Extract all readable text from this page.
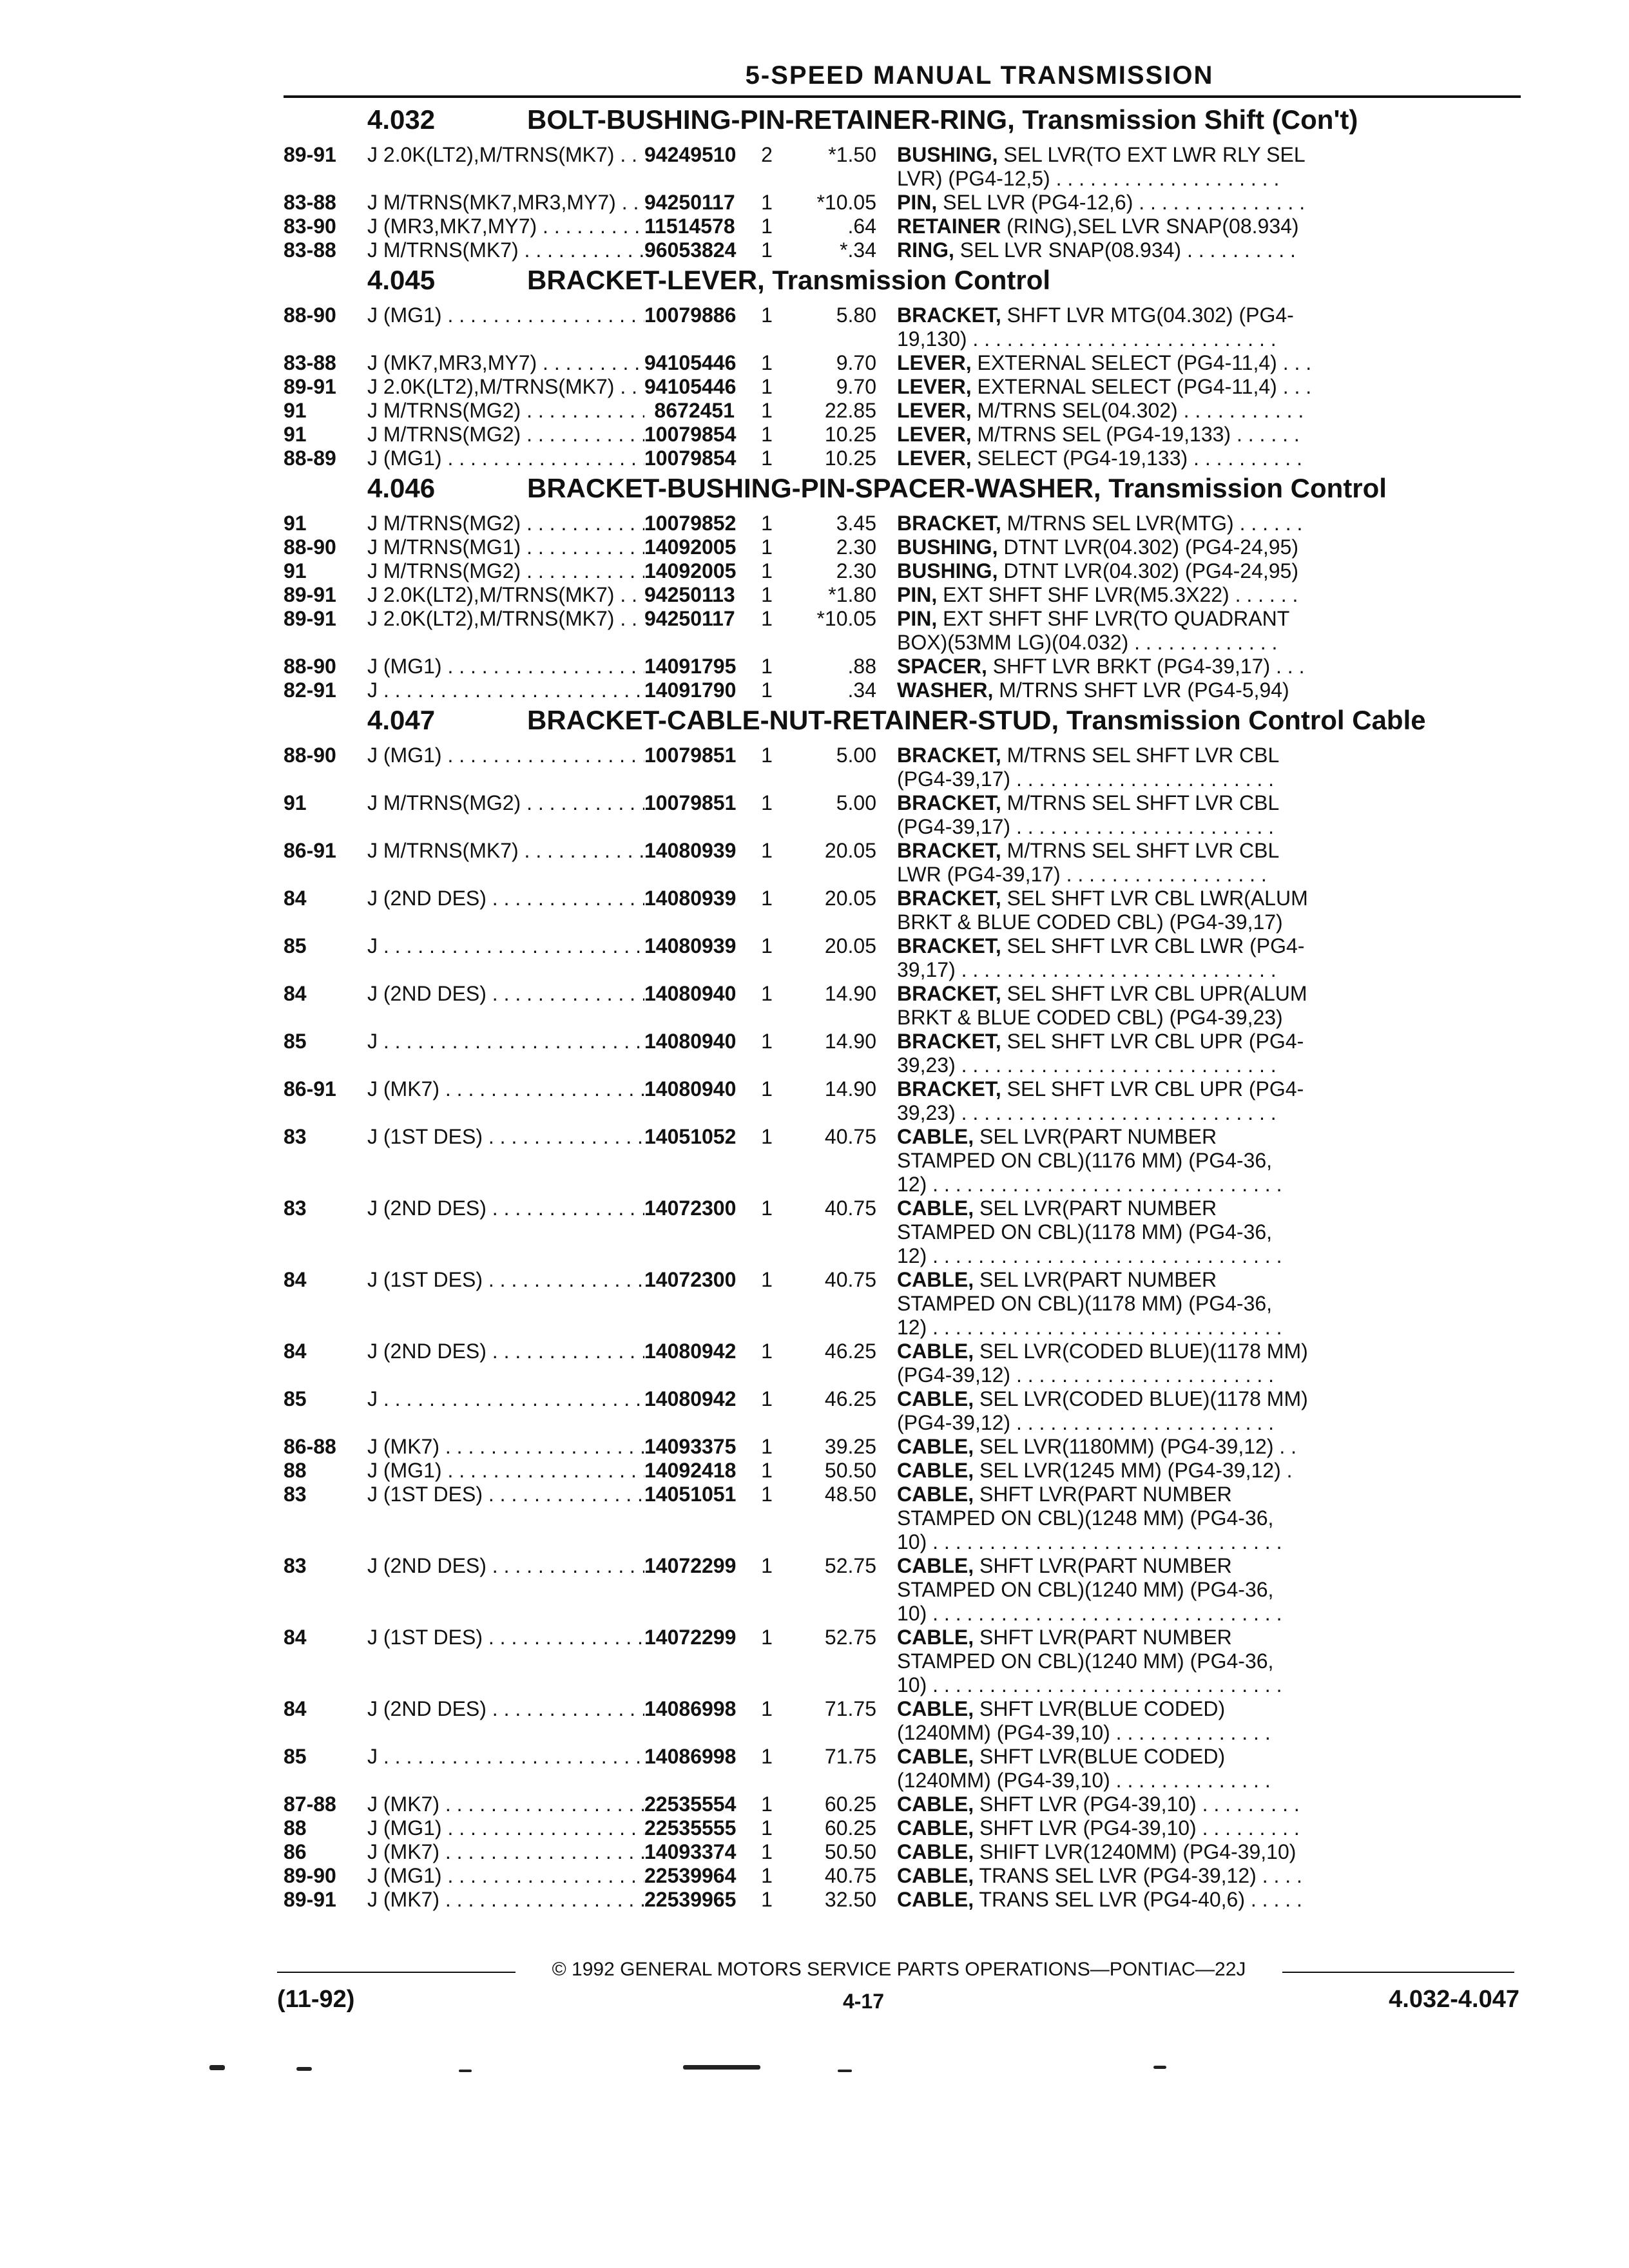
5-SPEED MANUAL TRANSMISSION
4.032	BOLT-BUSHING-PIN-RETAINER-RING, Transmission Shift (Con't)
89-91	J 2.0K(LT2),M/TRNS(MK7) . . .	94249510	2	*1.50	BUSHING, SEL LVR(TO EXT LWR RLY SEL
LVR) (PG4-12,5) . . . . . . . . . . . . . . . . . . . .
83-88	J M/TRNS(MK7,MR3,MY7) . . .	94250117	1	*10.05	PIN, SEL LVR (PG4-12,6) . . . . . . . . . . . . . . .
83-90	J (MR3,MK7,MY7) . . .	11514578	1	.64	RETAINER (RING),SEL LVR SNAP(08.934)
83-88	J M/TRNS(MK7) . . .	96053824	1	*.34	RING, SEL LVR SNAP(08.934) . . . . . . . . . .
4.045	BRACKET-LEVER, Transmission Control
88-90	J (MG1) . . .	10079886	1	5.80	BRACKET, SHFT LVR MTG(04.302) (PG4-
19,130) . . . . . . . . . . . . . . . . . . . . . . . . . . .
83-88	J (MK7,MR3,MY7) . . .	94105446	1	9.70	LEVER, EXTERNAL SELECT (PG4-11,4) . . .
89-91	J 2.0K(LT2),M/TRNS(MK7) . . .	94105446	1	9.70	LEVER, EXTERNAL SELECT (PG4-11,4) . . .
91	J M/TRNS(MG2) . . .	8672451	1	22.85	LEVER, M/TRNS SEL(04.302) . . . . . . . . . . .
91	J M/TRNS(MG2) . . .	10079854	1	10.25	LEVER, M/TRNS SEL (PG4-19,133) . . . . . .
88-89	J (MG1) . . .	10079854	1	10.25	LEVER, SELECT (PG4-19,133) . . . . . . . . . .
4.046	BRACKET-BUSHING-PIN-SPACER-WASHER, Transmission Control
91	J M/TRNS(MG2) . . .	10079852	1	3.45	BRACKET, M/TRNS SEL LVR(MTG) . . . . . .
88-90	J M/TRNS(MG1) . . .	14092005	1	2.30	BUSHING, DTNT LVR(04.302) (PG4-24,95)
91	J M/TRNS(MG2) . . .	14092005	1	2.30	BUSHING, DTNT LVR(04.302) (PG4-24,95)
89-91	J 2.0K(LT2),M/TRNS(MK7) . . .	94250113	1	*1.80	PIN, EXT SHFT SHF LVR(M5.3X22) . . . . . .
89-91	J 2.0K(LT2),M/TRNS(MK7) . . .	94250117	1	*10.05	PIN, EXT SHFT SHF LVR(TO QUADRANT
BOX)(53MM LG)(04.032) . . . . . . . . . . . . .
88-90	J (MG1) . . .	14091795	1	.88	SPACER, SHFT LVR BRKT (PG4-39,17) . . .
82-91	J . . .	14091790	1	.34	WASHER, M/TRNS SHFT LVR (PG4-5,94)
4.047	BRACKET-CABLE-NUT-RETAINER-STUD, Transmission Control Cable
88-90	J (MG1) . . .	10079851	1	5.00	BRACKET, M/TRNS SEL SHFT LVR CBL
(PG4-39,17) . . . . . . . . . . . . . . . . . . . . . . .
91	J M/TRNS(MG2) . . .	10079851	1	5.00	BRACKET, M/TRNS SEL SHFT LVR CBL
(PG4-39,17) . . . . . . . . . . . . . . . . . . . . . . .
86-91	J M/TRNS(MK7) . . .	14080939	1	20.05	BRACKET, M/TRNS SEL SHFT LVR CBL
LWR (PG4-39,17) . . . . . . . . . . . . . . . . . .
84	J (2ND DES) . . .	14080939	1	20.05	BRACKET, SEL SHFT LVR CBL LWR(ALUM
BRKT & BLUE CODED CBL) (PG4-39,17)
85	J . . .	14080939	1	20.05	BRACKET, SEL SHFT LVR CBL LWR (PG4-
39,17) . . . . . . . . . . . . . . . . . . . . . . . . . . . .
84	J (2ND DES) . . .	14080940	1	14.90	BRACKET, SEL SHFT LVR CBL UPR(ALUM
BRKT & BLUE CODED CBL) (PG4-39,23)
85	J . . .	14080940	1	14.90	BRACKET, SEL SHFT LVR CBL UPR (PG4-
39,23) . . . . . . . . . . . . . . . . . . . . . . . . . . . .
86-91	J (MK7) . . .	14080940	1	14.90	BRACKET, SEL SHFT LVR CBL UPR (PG4-
39,23) . . . . . . . . . . . . . . . . . . . . . . . . . . . .
83	J (1ST DES) . . .	14051052	1	40.75	CABLE, SEL LVR(PART NUMBER
STAMPED ON CBL)(1176 MM) (PG4-36,
12) . . . . . . . . . . . . . . . . . . . . . . . . . . . . . . .
83	J (2ND DES) . . .	14072300	1	40.75	CABLE, SEL LVR(PART NUMBER
STAMPED ON CBL)(1178 MM) (PG4-36,
12) . . . . . . . . . . . . . . . . . . . . . . . . . . . . . . .
84	J (1ST DES) . . .	14072300	1	40.75	CABLE, SEL LVR(PART NUMBER
STAMPED ON CBL)(1178 MM) (PG4-36,
12) . . . . . . . . . . . . . . . . . . . . . . . . . . . . . . .
84	J (2ND DES) . . .	14080942	1	46.25	CABLE, SEL LVR(CODED BLUE)(1178 MM)
(PG4-39,12) . . . . . . . . . . . . . . . . . . . . . . .
85	J . . .	14080942	1	46.25	CABLE, SEL LVR(CODED BLUE)(1178 MM)
(PG4-39,12) . . . . . . . . . . . . . . . . . . . . . . .
86-88	J (MK7) . . .	14093375	1	39.25	CABLE, SEL LVR(1180MM) (PG4-39,12) . .
88	J (MG1) . . .	14092418	1	50.50	CABLE, SEL LVR(1245 MM) (PG4-39,12) .
83	J (1ST DES) . . .	14051051	1	48.50	CABLE, SHFT LVR(PART NUMBER
STAMPED ON CBL)(1248 MM) (PG4-36,
10) . . . . . . . . . . . . . . . . . . . . . . . . . . . . . . .
83	J (2ND DES) . . .	14072299	1	52.75	CABLE, SHFT LVR(PART NUMBER
STAMPED ON CBL)(1240 MM) (PG4-36,
10) . . . . . . . . . . . . . . . . . . . . . . . . . . . . . . .
84	J (1ST DES) . . .	14072299	1	52.75	CABLE, SHFT LVR(PART NUMBER
STAMPED ON CBL)(1240 MM) (PG4-36,
10) . . . . . . . . . . . . . . . . . . . . . . . . . . . . . . .
84	J (2ND DES) . . .	14086998	1	71.75	CABLE, SHFT LVR(BLUE CODED)
(1240MM) (PG4-39,10) . . . . . . . . . . . . . .
85	J . . .	14086998	1	71.75	CABLE, SHFT LVR(BLUE CODED)
(1240MM) (PG4-39,10) . . . . . . . . . . . . . .
87-88	J (MK7) . . .	22535554	1	60.25	CABLE, SHFT LVR (PG4-39,10) . . . . . . . . .
88	J (MG1) . . .	22535555	1	60.25	CABLE, SHFT LVR (PG4-39,10) . . . . . . . . .
86	J (MK7) . . .	14093374	1	50.50	CABLE, SHIFT LVR(1240MM) (PG4-39,10)
89-90	J (MG1) . . .	22539964	1	40.75	CABLE, TRANS SEL LVR (PG4-39,12) . . . .
89-91	J (MK7) . . .	22539965	1	32.50	CABLE, TRANS SEL LVR (PG4-40,6) . . . . .
© 1992 GENERAL MOTORS SERVICE PARTS OPERATIONS—PONTIAC—22J
(11-92)	4-17	4.032-4.047
